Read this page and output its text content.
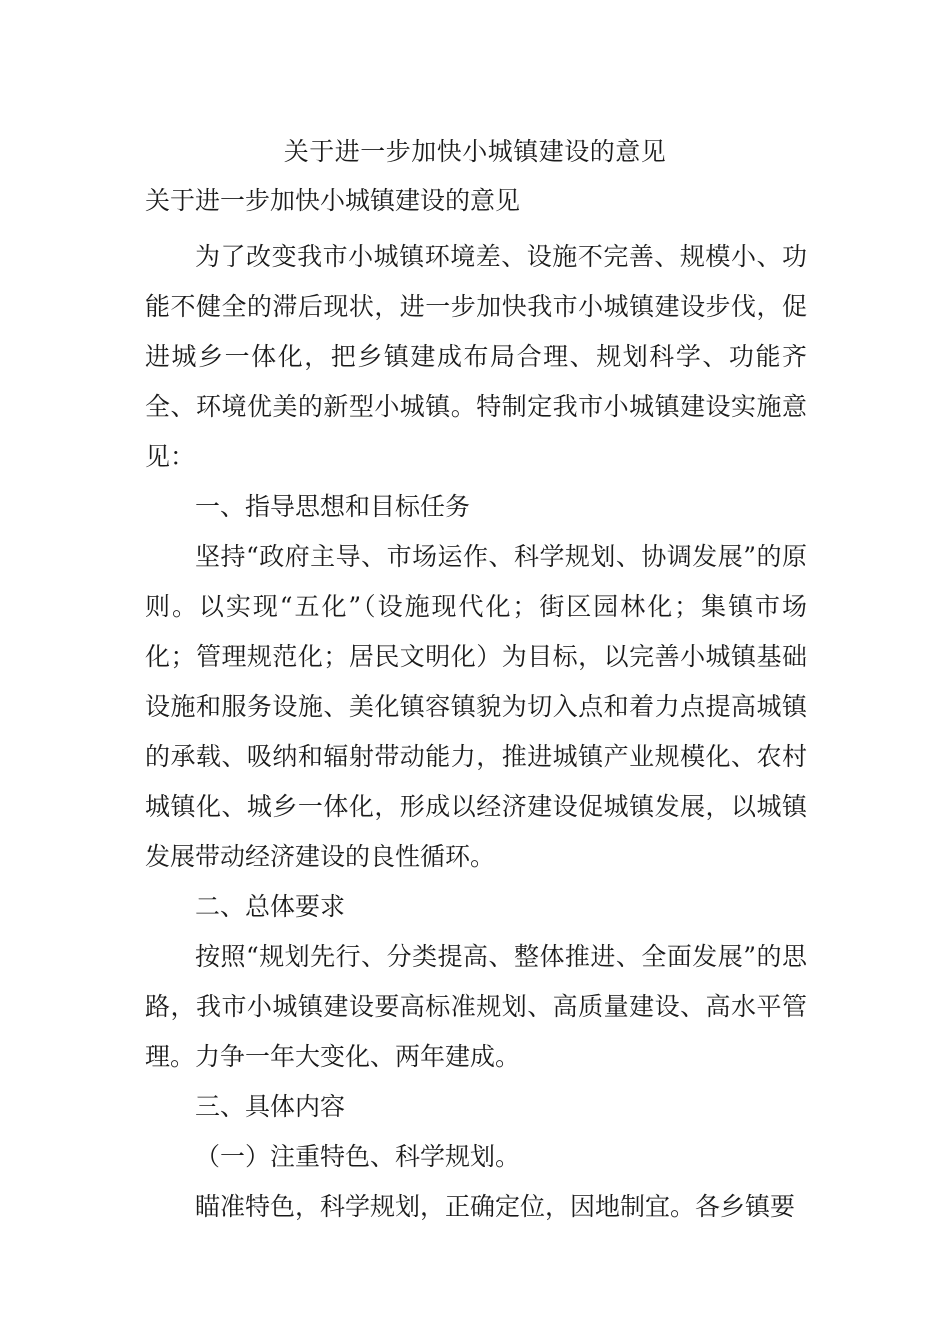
关于进一步加快小城镇建设的意见
关于进一步加快小城镇建设的意见

为了改变我市小城镇环境差、设施不完善、规模小、功能不健全的滞后现状，进一步加快我市小城镇建设步伐，促进城乡一体化，把乡镇建成布局合理、规划科学、功能齐全、环境优美的新型小城镇。特制定我市小城镇建设实施意见：

一、指导思想和目标任务

坚持“政府主导、市场运作、科学规划、协调发展”的原则。以实现“五化”（设施现代化；街区园林化；集镇市场化；管理规范化；居民文明化）为目标，以完善小城镇基础设施和服务设施、美化镇容镇貌为切入点和着力点提高城镇的承载、吸纳和辐射带动能力，推进城镇产业规模化、农村城镇化、城乡一体化，形成以经济建设促城镇发展，以城镇发展带动经济建设的良性循环。

二、总体要求

按照“规划先行、分类提高、整体推进、全面发展”的思路，我市小城镇建设要高标准规划、高质量建设、高水平管理。力争一年大变化、两年建成。

三、具体内容

（一）注重特色、科学规划。

瞄准特色，科学规划，正确定位，因地制宜。各乡镇要
